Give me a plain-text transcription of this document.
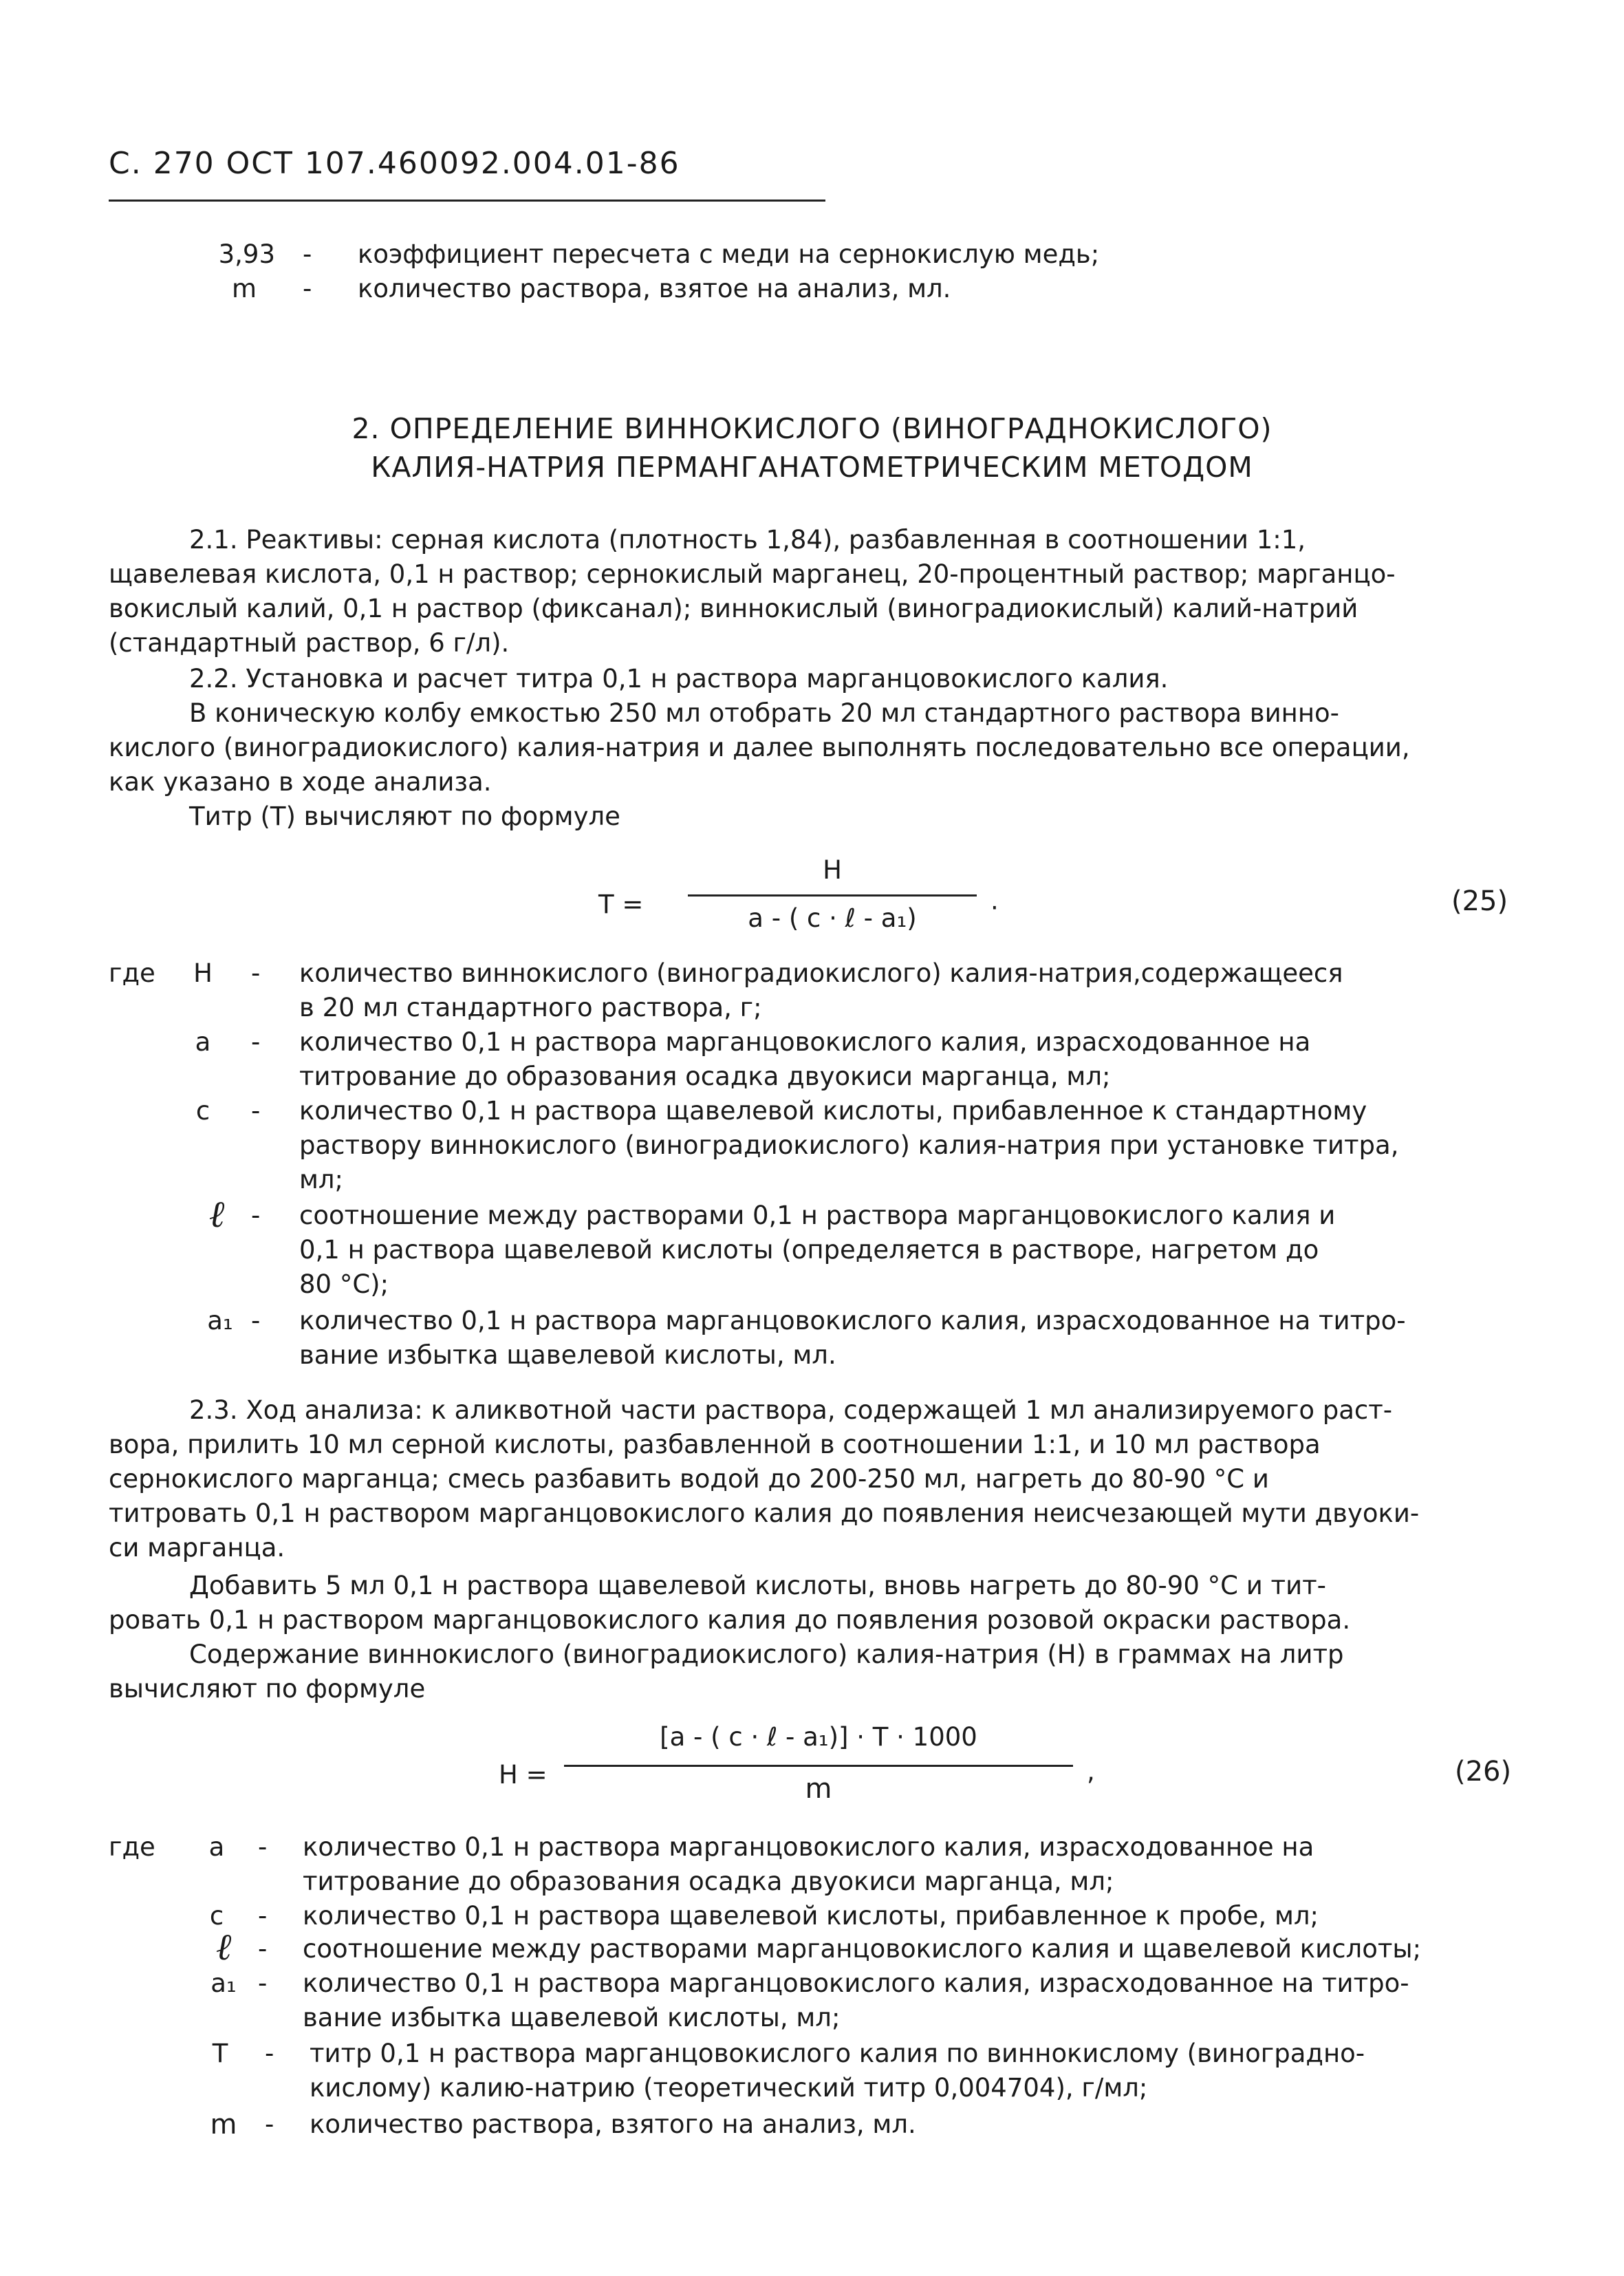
С. 270 ОСТ 107.460092.004.01-86
3,93 - коэффициент пересчета с меди на сернокислую медь;
m	- количество раствора, взятое на анализ, мл.
2. ОПРЕДЕЛЕНИЕ ВИННОКИСЛОГО (ВИНОГРАДНОКИСЛОГО)
КАЛИЯ-НАТРИЯ ПЕРМАНГАНАТОМЕТРИЧЕСКИМ МЕТОДОМ
2.1. Реактивы: серная кислота (плотность 1,84), разбавленная в соотношении 1:1,
щавелевая кислота, 0,1 н раствор; сернокислый марганец, 20-процентный раствор; марганцо-
вокислый калий, 0,1 н раствор (фиксанал); виннокислый (виноградиокислый) калий-натрий
(стандартный раствор, 6 г/л).
2.2. Установка и расчет титра 0,1 н раствора марганцовокислого калия.
В коническую колбу емкостью 250 мл отобрать 20 мл стандартного раствора винно-
кислого (виноградиокислого) калия-натрия и далее выполнять последовательно все операции,
как указано в ходе анализа.
Титр (Т) вычисляют по формуле
Т =
Н
а - ( с · ℓ - а₁)	·	(25)
где Н - количество виннокислого (виноградиокислого) калия-натрия,содержащееся
в 20 мл стандартного раствора, г;
а	- количество 0,1 н раствора марганцовокислого калия, израсходованное на
титрование до образования осадка двуокиси марганца, мл;
с	- количество 0,1 н раствора щавелевой кислоты, прибавленное к стандартному
раствору виннокислого (виноградиокислого) калия-натрия при установке титра,
мл;
ℓ	- соотношение между растворами 0,1 н раствора марганцовокислого калия и
0,1 н раствора щавелевой кислоты (определяется в растворе, нагретом до
80 °С);
а₁ - количество 0,1 н раствора марганцовокислого калия, израсходованное на титро-
вание избытка щавелевой кислоты, мл.
2.3. Ход анализа: к аликвотной части раствора, содержащей 1 мл анализируемого раст-
вора, прилить 10 мл серной кислоты, разбавленной в соотношении 1:1, и 10 мл раствора
сернокислого марганца; смесь разбавить водой до 200-250 мл, нагреть до 80-90 °С и
титровать 0,1 н раствором марганцовокислого калия до появления неисчезающей мути двуоки-
си марганца.
Добавить 5 мл 0,1 н раствора щавелевой кислоты, вновь нагреть до 80-90 °С и тит-
ровать 0,1 н раствором марганцовокислого калия до появления розовой окраски раствора.
Содержание виннокислого (виноградиокислого) калия-натрия (Н) в граммах на литр
вычисляют по формуле
Н =
[а - ( с · ℓ - а₁)] · Т · 1000
m
,	(26)
где	а	- количество 0,1 н раствора марганцовокислого калия, израсходованное на
титрование до образования осадка двуокиси марганца, мл;
с	- количество 0,1 н раствора щавелевой кислоты, прибавленное к пробе, мл;
ℓ	- соотношение между растворами марганцовокислого калия и щавелевой кислоты;
а₁ - количество 0,1 н раствора марганцовокислого калия, израсходованное на титро-
вание избытка щавелевой кислоты, мл;
Т	- титр 0,1 н раствора марганцовокислого калия по виннокислому (виноградно-
кислому) калию-натрию (теоретический титр 0,004704), г/мл;
m - количество раствора, взятого на анализ, мл.
